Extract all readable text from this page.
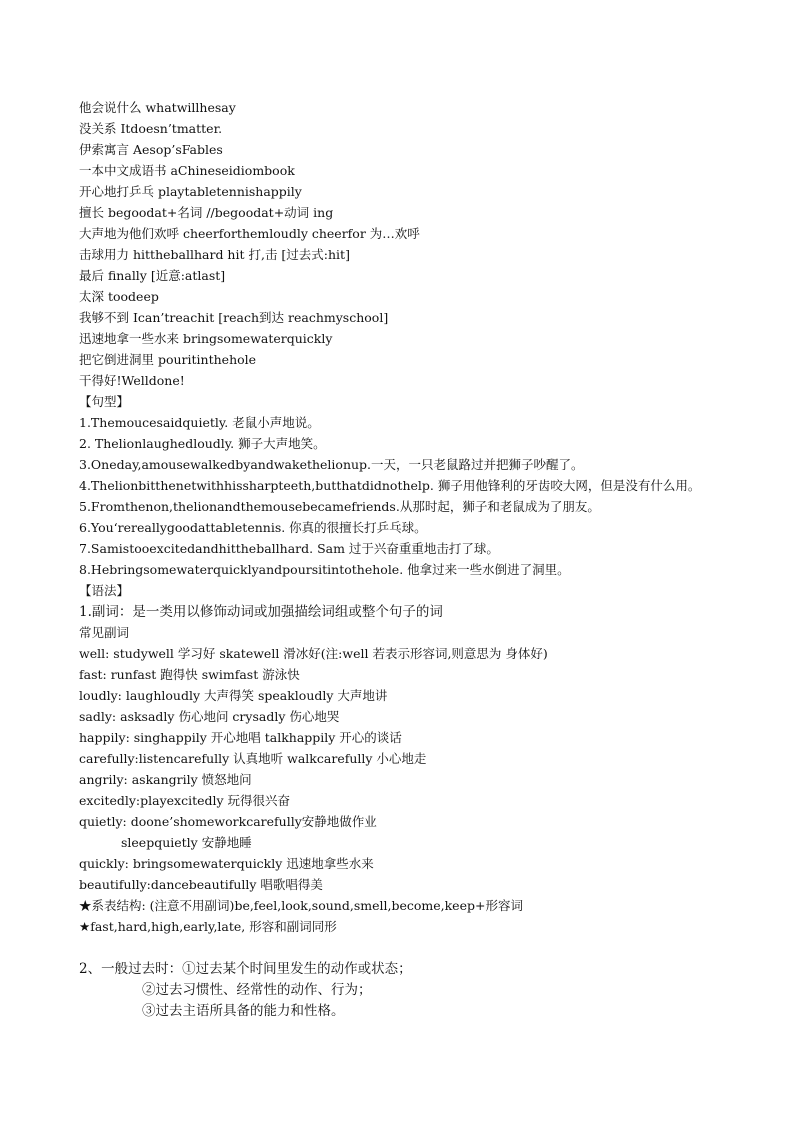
他会说什么 whatwillhesay
没关系 Itdoesn’tmatter.
伊索寓言 Aesop’sFables
一本中文成语书 aChineseidiombook
开心地打乒乓 playtabletennishappily
擅长 begoodat+名词 //begoodat+动词 ing
大声地为他们欢呼 cheerforthemloudly cheerfor 为…欢呼
击球用力 hittheballhard hit 打,击 [过去式:hit]
最后 finally [近意:atlast]
太深 toodeep
我够不到 Ican’treachit [reach到达 reachmyschool]
迅速地拿一些水来 bringsomewaterquickly
把它倒进洞里 pouritinthehole
干得好!Welldone!
【句型】
1.Themoucesaidquietly. 老鼠小声地说。
2. Thelionlaughedloudly. 狮子大声地笑。
3.Oneday,amousewalkedbyandwakethelionup.一天，一只老鼠路过并把狮子吵醒了。
4.Thelionbitthenetwithhissharpteeth,butthatdidnothelp. 狮子用他锋利的牙齿咬大网，但是没有什么用。
5.Fromthenon,thelionandthemousebecamefriends.从那时起，狮子和老鼠成为了朋友。
6.You‘rereallygoodattabletennis. 你真的很擅长打乒乓球。
7.Samistooexcitedandhittheballhard. Sam 过于兴奋重重地击打了球。
8.Hebringsomewaterquicklyandpoursitintothehole. 他拿过来一些水倒进了洞里。
【语法】
1.副词：是一类用以修饰动词或加强描绘词组或整个句子的词
常见副词
well: studywell 学习好 skatewell 滑冰好(注:well 若表示形容词,则意思为 身体好)
fast: runfast 跑得快 swimfast 游泳快
loudly: laughloudly 大声得笑 speakloudly 大声地讲
sadly: asksadly 伤心地问 crysadly 伤心地哭
happily: singhappily 开心地唱 talkhappily 开心的谈话
carefully:listencarefully 认真地听 walkcarefully 小心地走
angrily: askangrily 愤怒地问
excitedly:playexcitedly 玩得很兴奋
quietly: doone’shomeworkcarefully安静地做作业
sleepquietly 安静地睡
quickly: bringsomewaterquickly 迅速地拿些水来
beautifully:dancebeautifully 唱歌唱得美
★系表结构: (注意不用副词)be,feel,look,sound,smell,become,keep+形容词
★fast,hard,high,early,late, 形容和副词同形
2、一般过去时：①过去某个时间里发生的动作或状态；
②过去习惯性、经常性的动作、行为；
③过去主语所具备的能力和性格。
